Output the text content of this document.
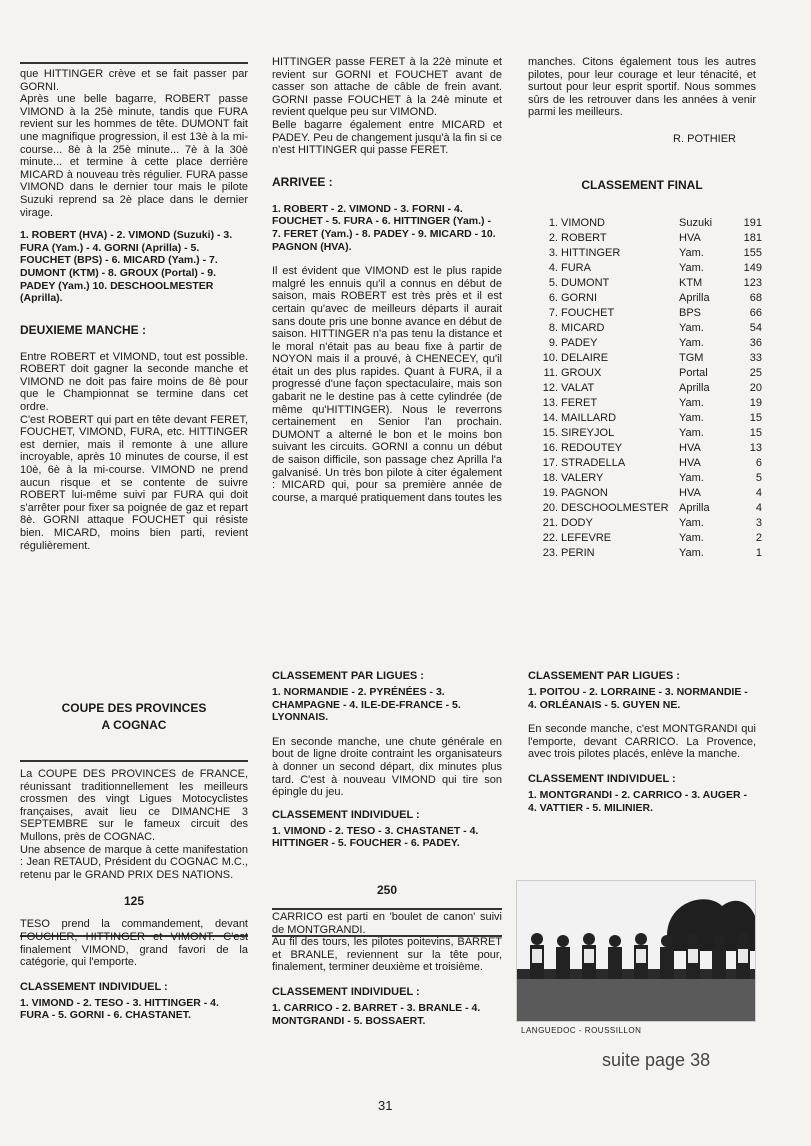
que HITTINGER crève et se fait passer par GORNI.

Après une belle bagarre, ROBERT passe VIMOND à la 25è minute, tandis que FURA revient sur les hommes de tête. DUMONT fait une magnifique progression, il est 13è à la mi-course... 8è à la 25è minute... 7è à la 30è minute... et termine à cette place derrière MICARD à nouveau très régulier. FURA passe VIMOND dans le dernier tour mais le pilote Suzuki reprend sa 2è place dans le dernier virage.

1. ROBERT (HVA) - 2. VIMOND (Suzuki) - 3. FURA (Yam.) - 4. GORNI (Aprilla) - 5. FOUCHET (BPS) - 6. MICARD (Yam.) - 7. DUMONT (KTM) - 8. GROUX (Portal) - 9. PADEY (Yam.) 10. DESCHOOLMESTER (Aprilla).

DEUXIEME MANCHE :

Entre ROBERT et VIMOND, tout est possible. ROBERT doit gagner la seconde manche et VIMOND ne doit pas faire moins de 8è pour que le Championnat se termine dans cet ordre.

C'est ROBERT qui part en tête devant FERET, FOUCHET, VIMOND, FURA, etc. HITTINGER est dernier, mais il remonte à une allure incroyable, après 10 minutes de course, il est 10è, 6è à la mi-course. VIMOND ne prend aucun risque et se contente de suivre ROBERT lui-même suivi par FURA qui doit s'arrêter pour fixer sa poignée de gaz et repart 8è. GORNI attaque FOUCHET qui résiste bien. MICARD, moins bien parti, revient régulièrement.

HITTINGER passe FERET à la 22è minute et revient sur GORNI et FOUCHET avant de casser son attache de câble de frein avant. GORNI passe FOUCHET à la 24è minute et revient quelque peu sur VIMOND.

Belle bagarre également entre MICARD et PADEY. Peu de changement jusqu'à la fin si ce n'est HITTINGER qui passe FERET.

ARRIVEE :

1. ROBERT - 2. VIMOND - 3. FORNI - 4. FOUCHET - 5. FURA - 6. HITTINGER (Yam.) - 7. FERET (Yam.) - 8. PADEY - 9. MICARD - 10. PAGNON (HVA).

Il est évident que VIMOND est le plus rapide malgré les ennuis qu'il a connus en début de saison, mais ROBERT est très près et il est certain qu'avec de meilleurs départs il aurait sans doute pris une bonne avance en début de saison. HITTINGER n'a pas tenu la distance et le moral n'était pas au beau fixe à partir de NOYON mais il a prouvé, à CHENECEY, qu'il était un des plus rapides. Quant à FURA, il a progressé d'une façon spectaculaire, mais son gabarit ne le destine pas à cette cylindrée (de même qu'HITTINGER). Nous le reverrons certainement en Senior l'an prochain. DUMONT a alterné le bon et le moins bon suivant les circuits. GORNI a connu un début de saison difficile, son passage chez Aprilla l'a galvanisé. Un très bon pilote à citer également : MICARD qui, pour sa première année de course, a marqué pratiquement dans toutes les

manches. Citons également tous les autres pilotes, pour leur courage et leur ténacité, et surtout pour leur esprit sportif. Nous sommes sûrs de les retrouver dans les années à venir parmi les meilleurs.

R. POTHIER

CLASSEMENT FINAL

1.	VIMOND	Suzuki	191
2.	ROBERT	HVA	181
3.	HITTINGER	Yam.	155
4.	FURA	Yam.	149
5.	DUMONT	KTM	123
6.	GORNI	Aprilla	68
7.	FOUCHET	BPS	66
8.	MICARD	Yam.	54
9.	PADEY	Yam.	36
10.	DELAIRE	TGM	33
11.	GROUX	Portal	25
12.	VALAT	Aprilla	20
13.	FERET	Yam.	19
14.	MAILLARD	Yam.	15
15.	SIREYJOL	Yam.	15
16.	REDOUTEY	HVA	13
17.	STRADELLA	HVA	6
18.	VALERY	Yam.	5
19.	PAGNON	HVA	4
20.	DESCHOOLMESTER	Aprilla	4
21.	DODY	Yam.	3
22.	LEFEVRE	Yam.	2
23.	PERIN	Yam.	1

COUPE DES PROVINCES

A COGNAC

La COUPE DES PROVINCES de FRANCE, réunissant traditionnellement les meilleurs crossmen des vingt Ligues Motocyclistes françaises, avait lieu ce DIMANCHE 3 SEPTEMBRE sur le fameux circuit des Mullons, près de COGNAC.

Une absence de marque à cette manifestation : Jean RETAUD, Président du COGNAC M.C., retenu par le GRAND PRIX DES NATIONS.

125

TESO prend la commandement, devant FOUCHER, HITTINGER et VIMONT. C'est finalement VIMOND, grand favori de la catégorie, qui l'emporte.

CLASSEMENT INDIVIDUEL :

1. VIMOND - 2. TESO - 3. HITTINGER - 4. FURA - 5. GORNI - 6. CHASTANET.

CLASSEMENT PAR LIGUES :

1. NORMANDIE - 2. PYRÉNÉES - 3. CHAMPAGNE - 4. ILE-DE-FRANCE - 5. LYONNAIS.

En seconde manche, une chute générale en bout de ligne droite contraint les organisateurs à donner un second départ, dix minutes plus tard. C'est à nouveau VIMOND qui tire son épingle du jeu.

CLASSEMENT INDIVIDUEL :

1. VIMOND - 2. TESO - 3. CHASTANET - 4. HITTINGER - 5. FOUCHER - 6. PADEY.

250

CARRICO est parti en 'boulet de canon' suivi de MONTGRANDI.

Au fil des tours, les pilotes poitevins, BARRET et BRANLE, reviennent sur la tête pour, finalement, terminer deuxième et troisième.

CLASSEMENT INDIVIDUEL :

1. CARRICO - 2. BARRET - 3. BRANLE - 4. MONTGRANDI - 5. BOSSAERT.

CLASSEMENT PAR LIGUES :

1. POITOU - 2. LORRAINE - 3. NORMANDIE - 4. ORLÉANAIS - 5. GUYEN NE.

En seconde manche, c'est MONTGRANDI qui l'emporte, devant CARRICO. La Provence, avec trois pilotes placés, enlève la manche.

CLASSEMENT INDIVIDUEL :

1. MONTGRANDI - 2. CARRICO - 3. AUGER - 4. VATTIER - 5. MILINIER.

LANGUEDOC - ROUSSILLON
suite page 38
31
